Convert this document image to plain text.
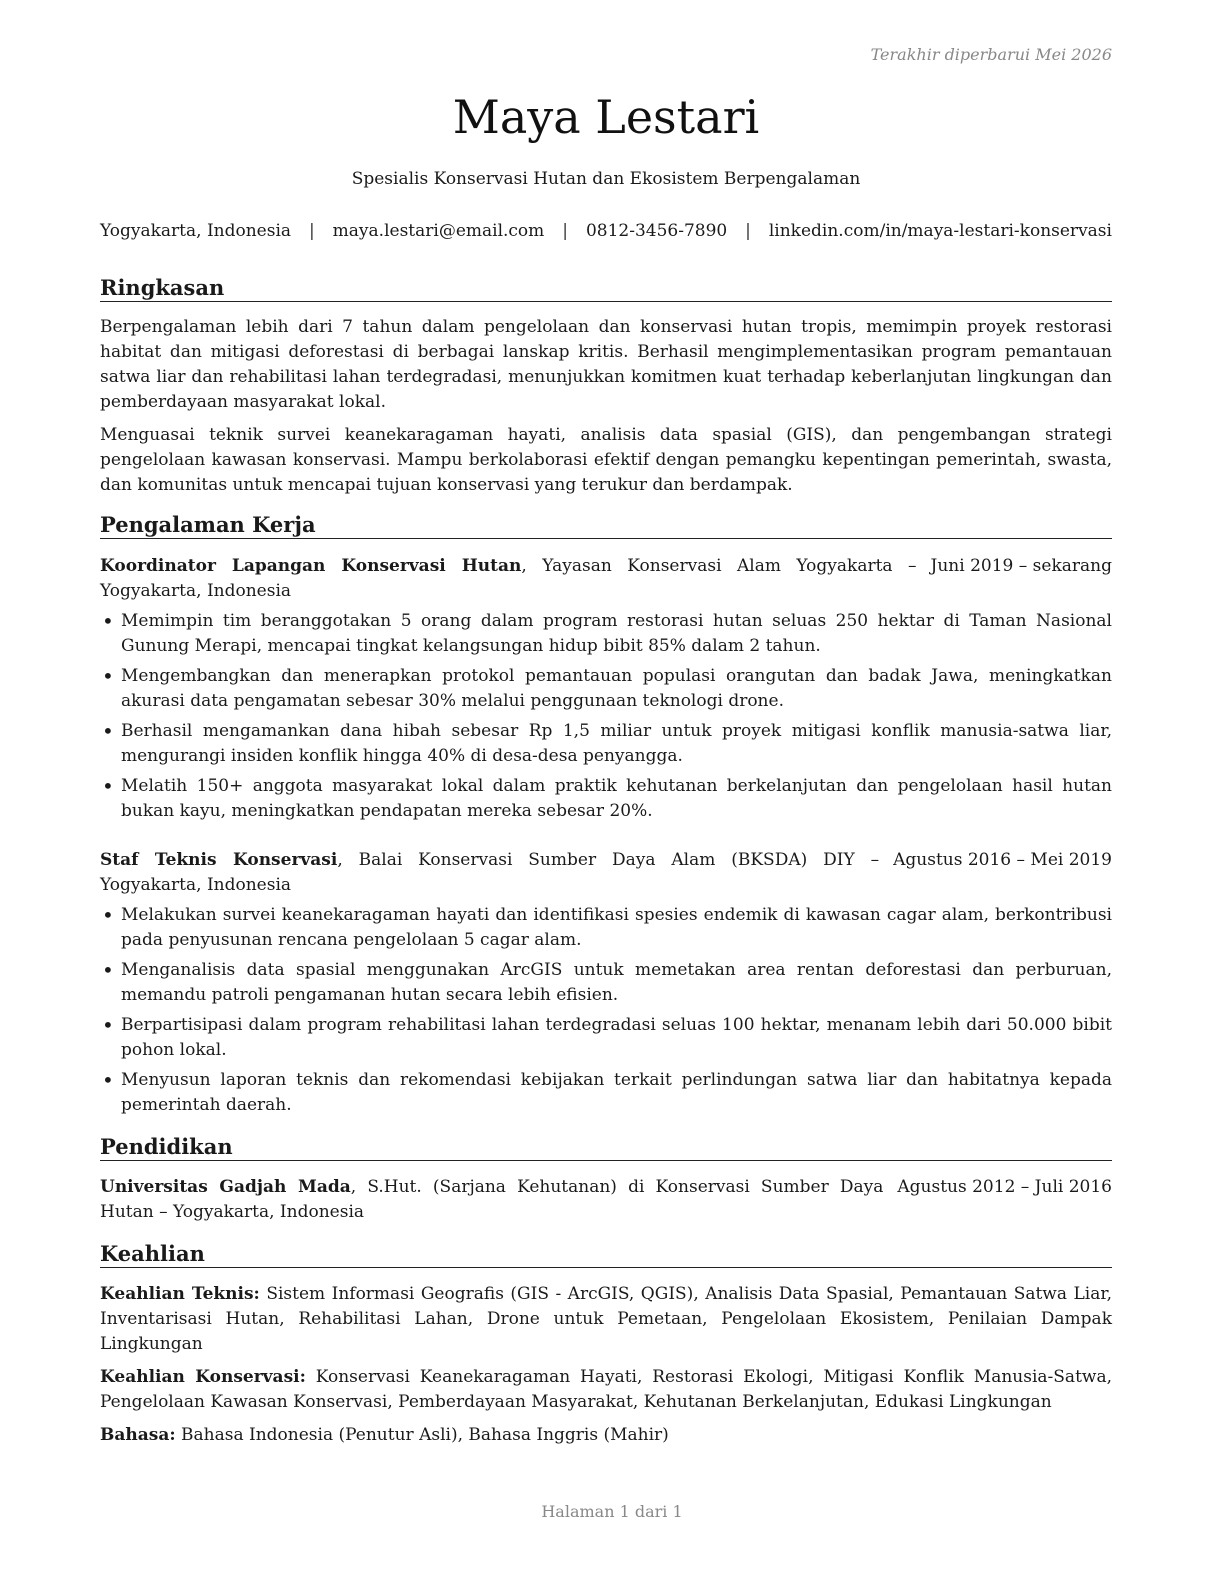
Terakhir diperbarui Mei 2026
Maya Lestari
Spesialis Konservasi Hutan dan Ekosistem Berpengalaman
Yogyakarta, Indonesia | maya.lestari@email.com | 0812-3456-7890 | linkedin.com/in/maya-lestari-konservasi
Ringkasan

Berpengalaman lebih dari 7 tahun dalam pengelolaan dan konservasi hutan tropis, memimpin proyek restorasi habitat dan mitigasi deforestasi di berbagai lanskap kritis. Berhasil mengimplementasikan program pemantauan satwa liar dan rehabilitasi lahan terdegradasi, menunjukkan komitmen kuat terhadap keberlanjutan lingkungan dan pemberdayaan masyarakat lokal.

Menguasai teknik survei keanekaragaman hayati, analisis data spasial (GIS), dan pengembangan strategi pengelolaan kawasan konservasi. Mampu berkolaborasi efektif dengan pemangku kepentingan pemerintah, swasta, dan komunitas untuk mencapai tujuan konservasi yang terukur dan berdampak.

Pengalaman Kerja
Koordinator Lapangan Konservasi Hutan, Yayasan Konservasi Alam Yogyakarta – Yogyakarta, Indonesia
Juni 2019 – sekarang
• Memimpin tim beranggotakan 5 orang dalam program restorasi hutan seluas 250 hektar di Taman Nasional Gunung Merapi, mencapai tingkat kelangsungan hidup bibit 85% dalam 2 tahun.
• Mengembangkan dan menerapkan protokol pemantauan populasi orangutan dan badak Jawa, meningkatkan akurasi data pengamatan sebesar 30% melalui penggunaan teknologi drone.
• Berhasil mengamankan dana hibah sebesar Rp 1,5 miliar untuk proyek mitigasi konflik manusia-satwa liar, mengurangi insiden konflik hingga 40% di desa-desa penyangga.
• Melatih 150+ anggota masyarakat lokal dalam praktik kehutanan berkelanjutan dan pengelolaan hasil hutan bukan kayu, meningkatkan pendapatan mereka sebesar 20%.
Staf Teknis Konservasi, Balai Konservasi Sumber Daya Alam (BKSDA) DIY – Yogyakarta, Indonesia
Agustus 2016 – Mei 2019
• Melakukan survei keanekaragaman hayati dan identifikasi spesies endemik di kawasan cagar alam, berkontribusi pada penyusunan rencana pengelolaan 5 cagar alam.
• Menganalisis data spasial menggunakan ArcGIS untuk memetakan area rentan deforestasi dan perburuan, memandu patroli pengamanan hutan secara lebih efisien.
• Berpartisipasi dalam program rehabilitasi lahan terdegradasi seluas 100 hektar, menanam lebih dari 50.000 bibit pohon lokal.
• Menyusun laporan teknis dan rekomendasi kebijakan terkait perlindungan satwa liar dan habitatnya kepada pemerintah daerah.
Pendidikan
Universitas Gadjah Mada, S.Hut. (Sarjana Kehutanan) di Konservasi Sumber Daya Hutan – Yogyakarta, Indonesia
Agustus 2012 – Juli 2016
Keahlian
Keahlian Teknis: Sistem Informasi Geografis (GIS - ArcGIS, QGIS), Analisis Data Spasial, Pemantauan Satwa Liar, Inventarisasi Hutan, Rehabilitasi Lahan, Drone untuk Pemetaan, Pengelolaan Ekosistem, Penilaian Dampak Lingkungan
Keahlian Konservasi: Konservasi Keanekaragaman Hayati, Restorasi Ekologi, Mitigasi Konflik Manusia-Satwa, Pengelolaan Kawasan Konservasi, Pemberdayaan Masyarakat, Kehutanan Berkelanjutan, Edukasi Lingkungan
Bahasa: Bahasa Indonesia (Penutur Asli), Bahasa Inggris (Mahir)
Halaman 1 dari 1
